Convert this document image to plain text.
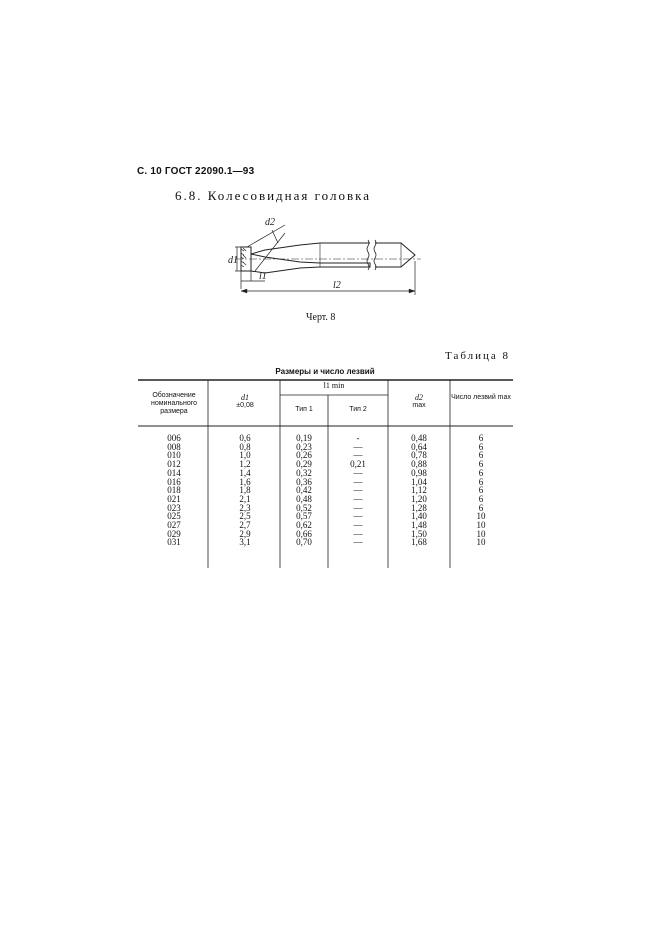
С. 10 ГОСТ 22090.1—93
6.8. Колесовидная головка
d1
d2
l1
l2
Черт. 8
Таблица 8
Размеры и число лезвий
Обозначение номинального размера
d1
±0,08
l1 min
Тип 1	Тип 2
d2
max
Число лезвий max
006
008
010
012
014
016
018
021
023
025
027
029
031
0,6
0,8
1,0
1,2
1,4
1,6
1,8
2,1
2,3
2,5
2,7
2,9
3,1
0,19
0,23
0,26
0,29
0,32
0,36
0,42
0,48
0,52
0,57
0,62
0,66
0,70
-
—
—
0,21
—
—
—
—
—
—
—
—
—
0,48
0,64
0,78
0,88
0,98
1,04
1,12
1,20
1,28
1,40
1,48
1,50
1,68
6
6
6
6
6
6
6
6
6
10
10
10
10
